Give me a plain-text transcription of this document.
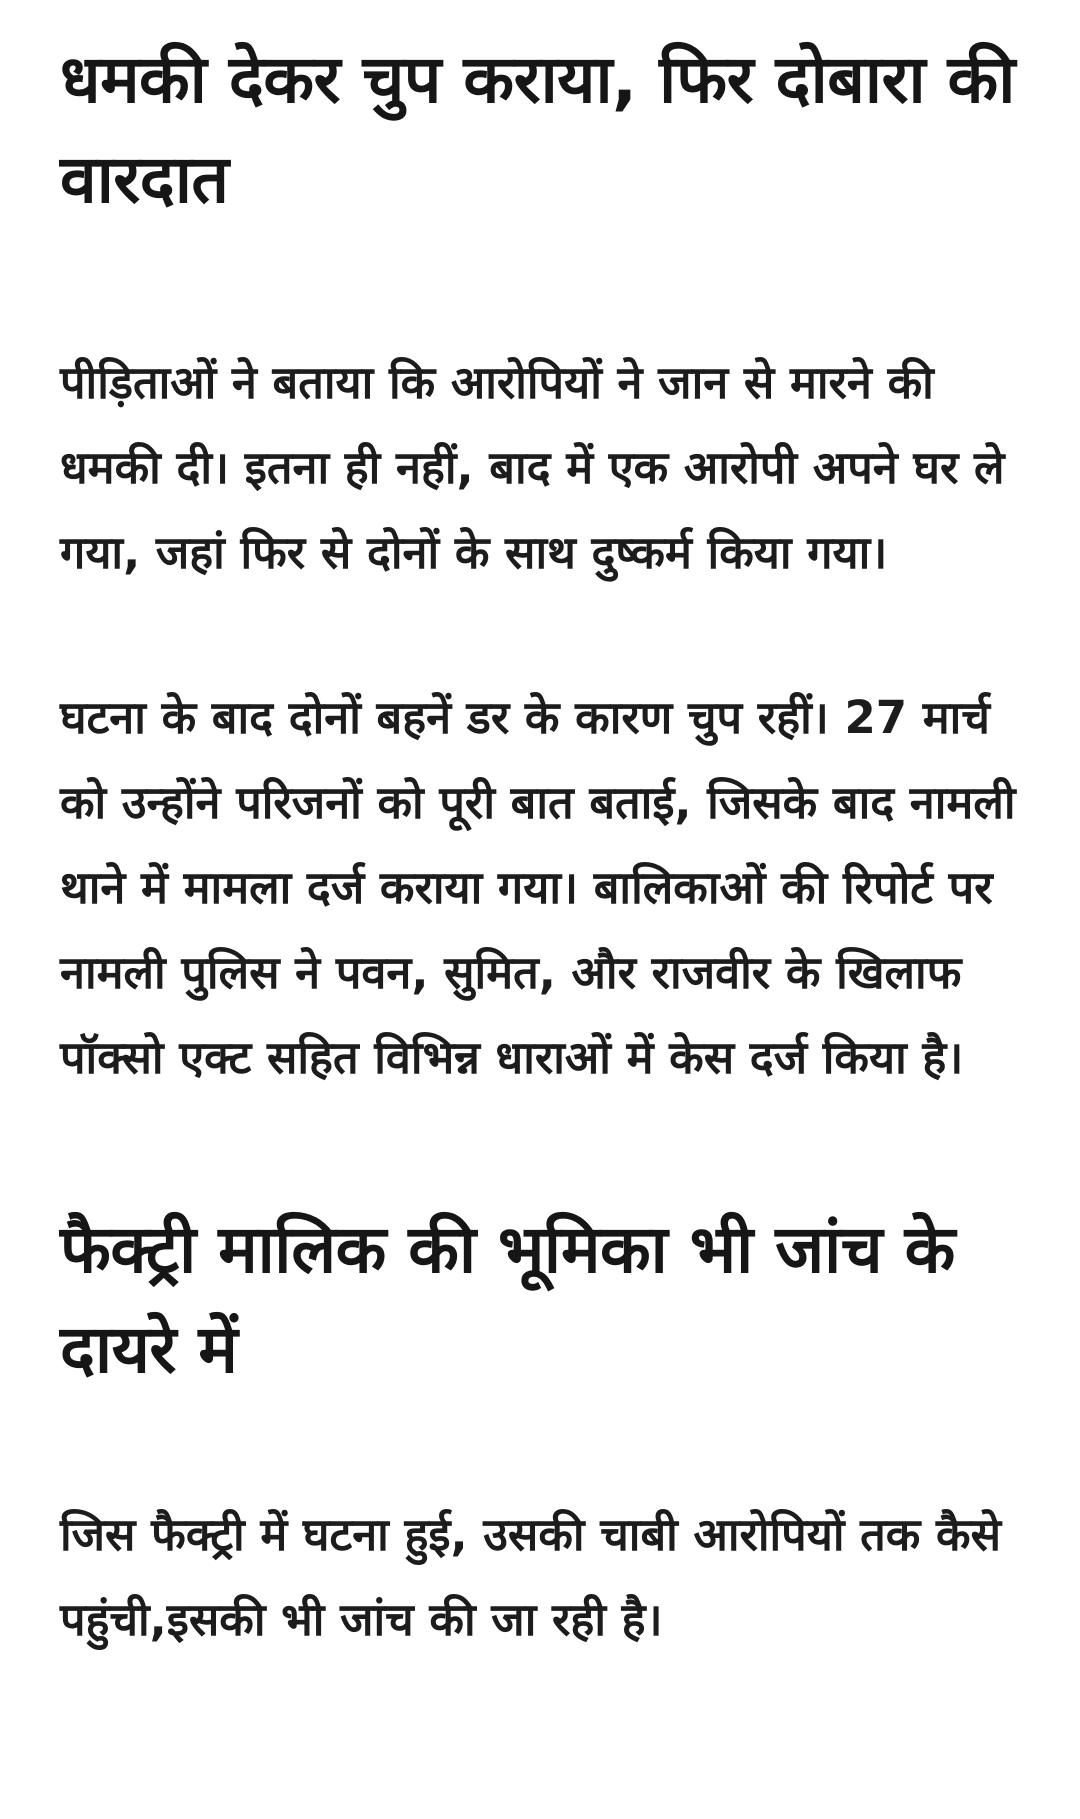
धमकी देकर चुप कराया, फिर दोबारा की वारदात

पीड़िताओं ने बताया कि आरोपियों ने जान से मारने की धमकी दी। इतना ही नहीं, बाद में एक आरोपी अपने घर ले गया, जहां फिर से दोनों के साथ दुष्कर्म किया गया।

घटना के बाद दोनों बहनें डर के कारण चुप रहीं। 27 मार्च को उन्होंने परिजनों को पूरी बात बताई, जिसके बाद नामली थाने में मामला दर्ज कराया गया। बालिकाओं की रिपोर्ट पर नामली पुलिस ने पवन, सुमित, और राजवीर के खिलाफ पॉक्सो एक्ट सहित विभिन्न धाराओं में केस दर्ज किया है।

फैक्ट्री मालिक की भूमिका भी जांच के दायरे में

जिस फैक्ट्री में घटना हुई, उसकी चाबी आरोपियों तक कैसे पहुंची,इसकी भी जांच की जा रही है।
